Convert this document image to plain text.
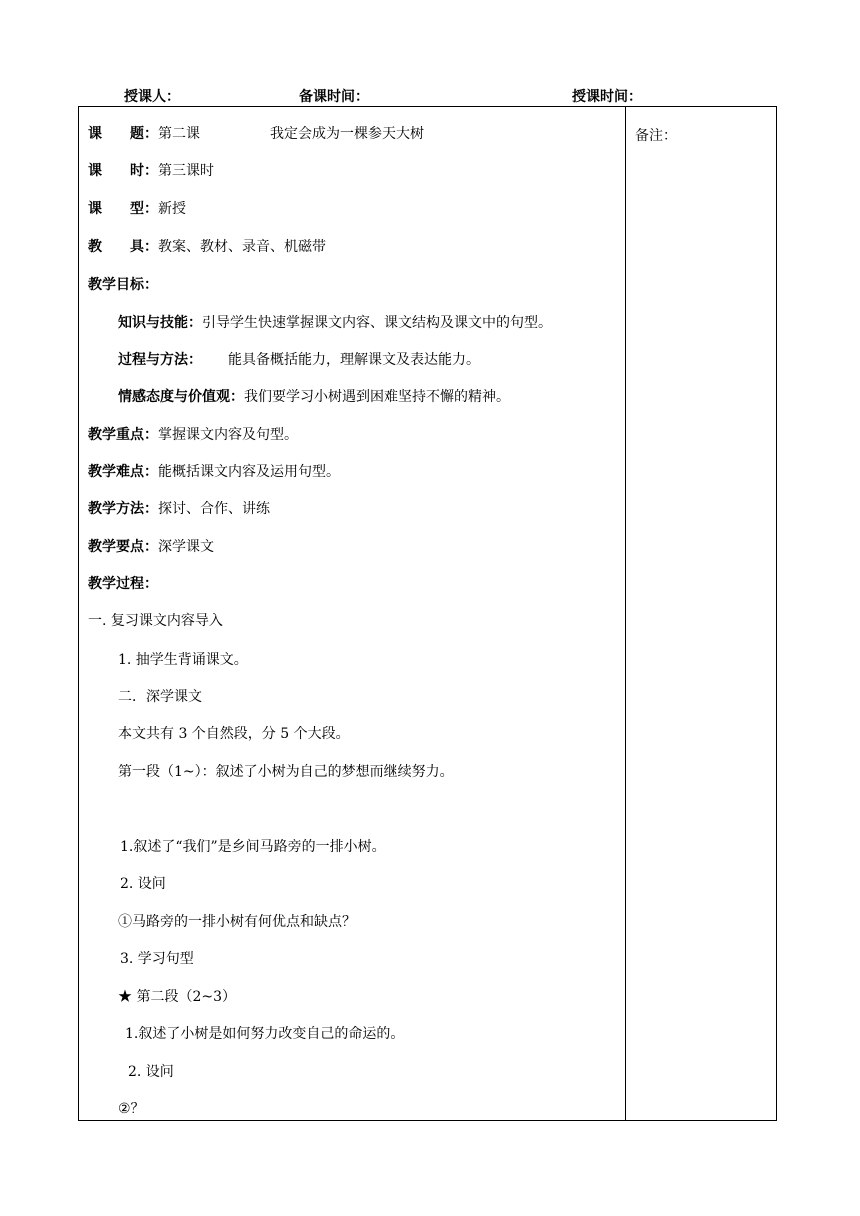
授课人：	备课时间：	授课时间：
备注：
课　　题：第二课	我定会成为一棵参天大树
课　　时：第三课时
课　　型：新授
教　　具：教案、教材、录音、机磁带
教学目标：
知识与技能：引导学生快速掌握课文内容、课文结构及课文中的句型。
过程与方法： 能具备概括能力，理解课文及表达能力。
情感态度与价值观：我们要学习小树遇到困难坚持不懈的精神。
教学重点：掌握课文内容及句型。
教学难点：能概括课文内容及运用句型。
教学方法：探讨、合作、讲练
教学要点：深学课文
教学过程：
一. 复习课文内容导入
1. 抽学生背诵课文。
二．深学课文
本文共有 3 个自然段，分 5 个大段。
第一段（1~）：叙述了小树为自己的梦想而继续努力。
1.叙述了“我们”是乡间马路旁的一排小树。
2. 设问
①马路旁的一排小树有何优点和缺点？
3. 学习句型
★ 第二段（2~3）
1.叙述了小树是如何努力改变自己的命运的。
2. 设问
②？
